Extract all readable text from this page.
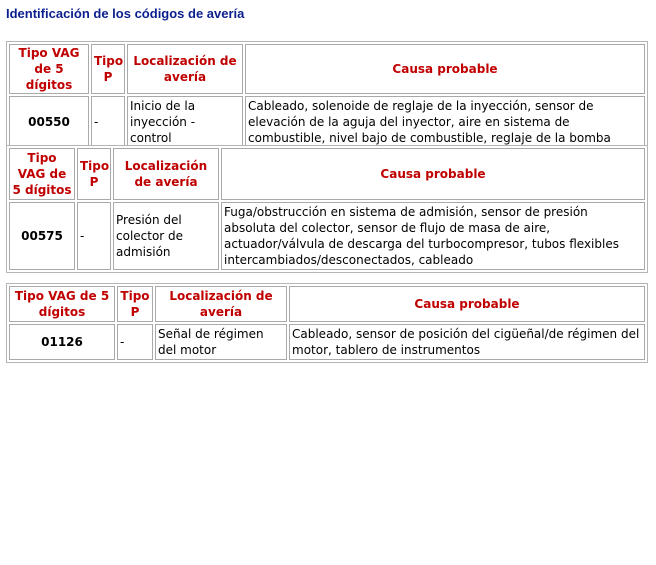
Identificación de los códigos de avería
Tipo VAG de 5 dígitos	Tipo P	Localización de avería	Causa probable
00550	-	Inicio de la inyección - control	Cableado, solenoide de reglaje de la inyección, sensor de elevación de la aguja del inyector, aire en sistema de combustible, nivel bajo de combustible, reglaje de la bomba
Tipo VAG de 5 dígitos	Tipo P	Localización de avería	Causa probable
00575	-	Presión del colector de admisión	Fuga/obstrucción en sistema de admisión, sensor de presión absoluta del colector, sensor de flujo de masa de aire, actuador/válvula de descarga del turbocompresor, tubos flexibles intercambiados/desconectados, cableado
Tipo VAG de 5 dígitos	Tipo P	Localización de avería	Causa probable
01126	-	Señal de régimen del motor	Cableado, sensor de posición del cigüeñal/de régimen del motor, tablero de instrumentos
